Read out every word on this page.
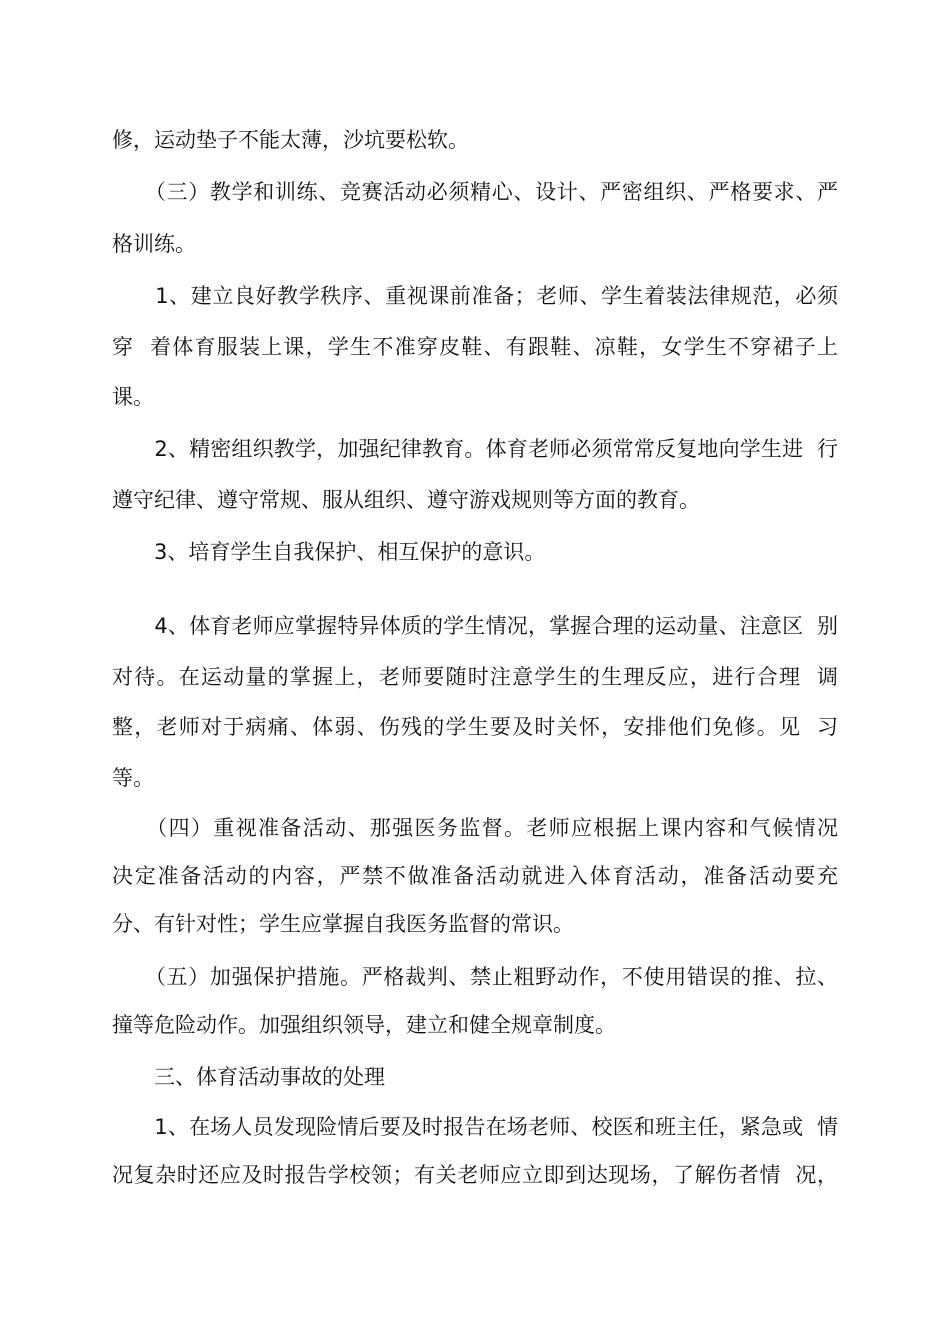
修，运动垫子不能太薄，沙坑要松软。
　　（三）教学和训练、竞赛活动必须精心、设计、严密组织、严格要求、严
格训练。
　　1、建立良好教学秩序、重视课前准备；老师、学生着装法律规范，必须
穿  着体育服装上课，学生不准穿皮鞋、有跟鞋、凉鞋，女学生不穿裙子上
课。
　　2、精密组织教学，加强纪律教育。体育老师必须常常反复地向学生进  行
遵守纪律、遵守常规、服从组织、遵守游戏规则等方面的教育。
　　3、培育学生自我保护、相互保护的意识。
　　4、体育老师应掌握特异体质的学生情况，掌握合理的运动量、注意区  别
对待。在运动量的掌握上，老师要随时注意学生的生理反应，进行合理  调
整，老师对于病痛、体弱、伤残的学生要及时关怀，安排他们免修。见  习
等。
　　（四）重视准备活动、那强医务监督。老师应根据上课内容和气候情况
决定准备活动的内容，严禁不做准备活动就进入体育活动，准备活动要充
分、有针对性；学生应掌握自我医务监督的常识。
　　（五）加强保护措施。严格裁判、禁止粗野动作，不使用错误的推、拉、
撞等危险动作。加强组织领导，建立和健全规章制度。
　　三、体育活动事故的处理
　　1、在场人员发现险情后要及时报告在场老师、校医和班主任，紧急或  情
况复杂时还应及时报告学校领；有关老师应立即到达现场，了解伤者情  况，
